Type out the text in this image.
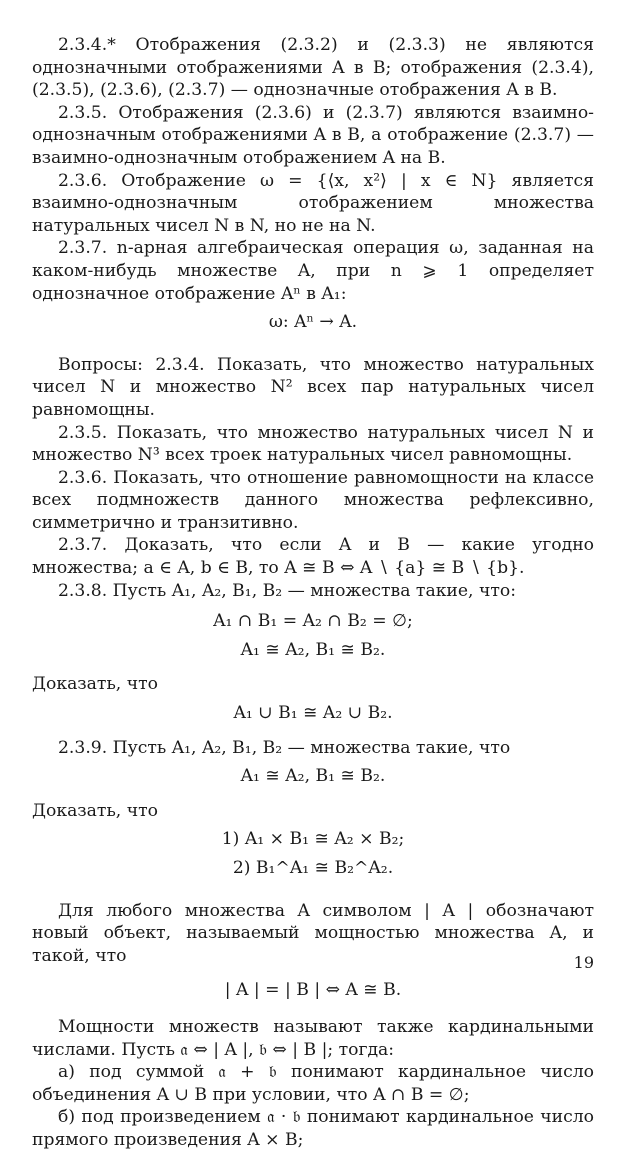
2.3.4.* Отображения (2.3.2) и (2.3.3) не являются однозначными отображениями A в B; отображения (2.3.4), (2.3.5), (2.3.6), (2.3.7) — однозначные отображения A в B.

2.3.5. Отображения (2.3.6) и (2.3.7) являются взаимно-однозначным отображениями A в B, а отображение (2.3.7) — взаимно-однозначным отображением A на B.

2.3.6. Отображение ω = {⟨x, x²⟩ | x ∈ N} является взаимно-однозначным отображением множества натуральных чисел N в N, но не на N.

2.3.7. n-арная алгебраическая операция ω, заданная на каком-нибудь множестве A, при n ⩾ 1 определяет однозначное отображение Aⁿ в A₁:

ω: Aⁿ → A.

Вопросы: 2.3.4. Показать, что множество натуральных чисел N и множество N² всех пар натуральных чисел равномощны.

2.3.5. Показать, что множество натуральных чисел N и множество N³ всех троек натуральных чисел равномощны.

2.3.6. Показать, что отношение равномощности на классе всех подмножеств данного множества рефлексивно, симметрично и транзитивно.

2.3.7. Доказать, что если A и B — какие угодно множества; a ∈ A, b ∈ B, то A ≅ B ⇔ A ∖ {a} ≅ B ∖ {b}.

2.3.8. Пусть A₁, A₂, B₁, B₂ — множества такие, что:

A₁ ∩ B₁ = A₂ ∩ B₂ = ∅;

A₁ ≅ A₂, B₁ ≅ B₂.

Доказать, что

A₁ ∪ B₁ ≅ A₂ ∪ B₂.

2.3.9. Пусть A₁, A₂, B₁, B₂ — множества такие, что

A₁ ≅ A₂, B₁ ≅ B₂.

Доказать, что

1) A₁ × B₁ ≅ A₂ × B₂;

2) B₁^A₁ ≅ B₂^A₂.

Для любого множества A символом | A | обозначают новый объект, называемый мощностью множества A, и такой, что

| A | = | B | ⇔ A ≅ B.

Мощности множеств называют также кардинальными числами. Пусть 𝔞 ⇔ | A |, 𝔟 ⇔ | B |; тогда:

а) под суммой 𝔞 + 𝔟 понимают кардинальное число объединения A ∪ B при условии, что A ∩ B = ∅;

б) под произведением 𝔞 · 𝔟 понимают кардинальное число прямого произведения A × B;

19
